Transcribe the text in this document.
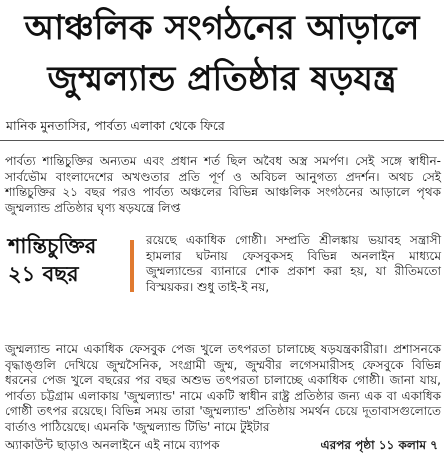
আঞ্চলিক সংগঠনের আড়ালে
জুম্মল্যান্ড প্রতিষ্ঠার ষড়যন্ত্র
মানিক মুনতাসির, পার্বত্য এলাকা থেকে ফিরে

পার্বত্য শান্তিচুক্তির অন্যতম এবং প্রধান শর্ত ছিল অবৈধ অস্ত্র সমর্পণ। সেই সঙ্গে স্বাধীন-সার্বভৌম বাংলাদেশের অখণ্ডতার প্রতি পূর্ণ ও অবিচল আনুগত্য প্রদর্শন। অথচ সেই শান্তিচুক্তির ২১ বছর পরও পার্বত্য অঞ্চলের বিভিন্ন আঞ্চলিক সংগঠনের আড়ালে পৃথক জুম্মল্যান্ড প্রতিষ্ঠার ঘৃণ্য ষড়যন্ত্রে লিপ্ত

শান্তিচুক্তির
২১ বছর

রয়েছে একাধিক গোষ্ঠী। সম্প্রতি শ্রীলঙ্কায় ভয়াবহ সন্ত্রাসী হামলার ঘটনায় ফেসবুকসহ বিভিন্ন অনলাইন মাধ্যমে জুম্মল্যান্ডের ব্যানারে শোক প্রকাশ করা হয়, যা রীতিমতো বিস্ময়কর। শুধু তাই-ই নয়,

জুম্মল্যান্ড নামে একাধিক ফেসবুক পেজ খুলে তৎপরতা চালাচ্ছে ষড়যন্ত্রকারীরা। প্রশাসনকে বৃদ্ধাঙ্গুলি দেখিয়ে জুম্মসৈনিক, সংগ্রামী জুম্ম, জুম্মবীর লগেসমারীসহ ফেসবুকে বিভিন্ন ধরনের পেজ খুলে বছরের পর বছর অশুভ তৎপরতা চালাচ্ছে একাধিক গোষ্ঠী। জানা যায়, পার্বত্য চট্টগ্রাম এলাকায় 'জুম্মল্যান্ড' নামে একটি স্বাধীন রাষ্ট্র প্রতিষ্ঠার জন্য এক বা একাধিক গোষ্ঠী তৎপর রয়েছে। বিভিন্ন সময় তারা 'জুম্মল্যান্ড' প্রতিষ্ঠায় সমর্থন চেয়ে দূতাবাসগুলোতে বার্তাও পাঠিয়েছে। এমনকি 'জুম্মল্যান্ড টিভি' নামে টুইটার

অ্যাকাউন্ট ছাড়াও অনলাইনে এই নামে ব্যাপক	এরপর পৃষ্ঠা ১১ কলাম ৭
